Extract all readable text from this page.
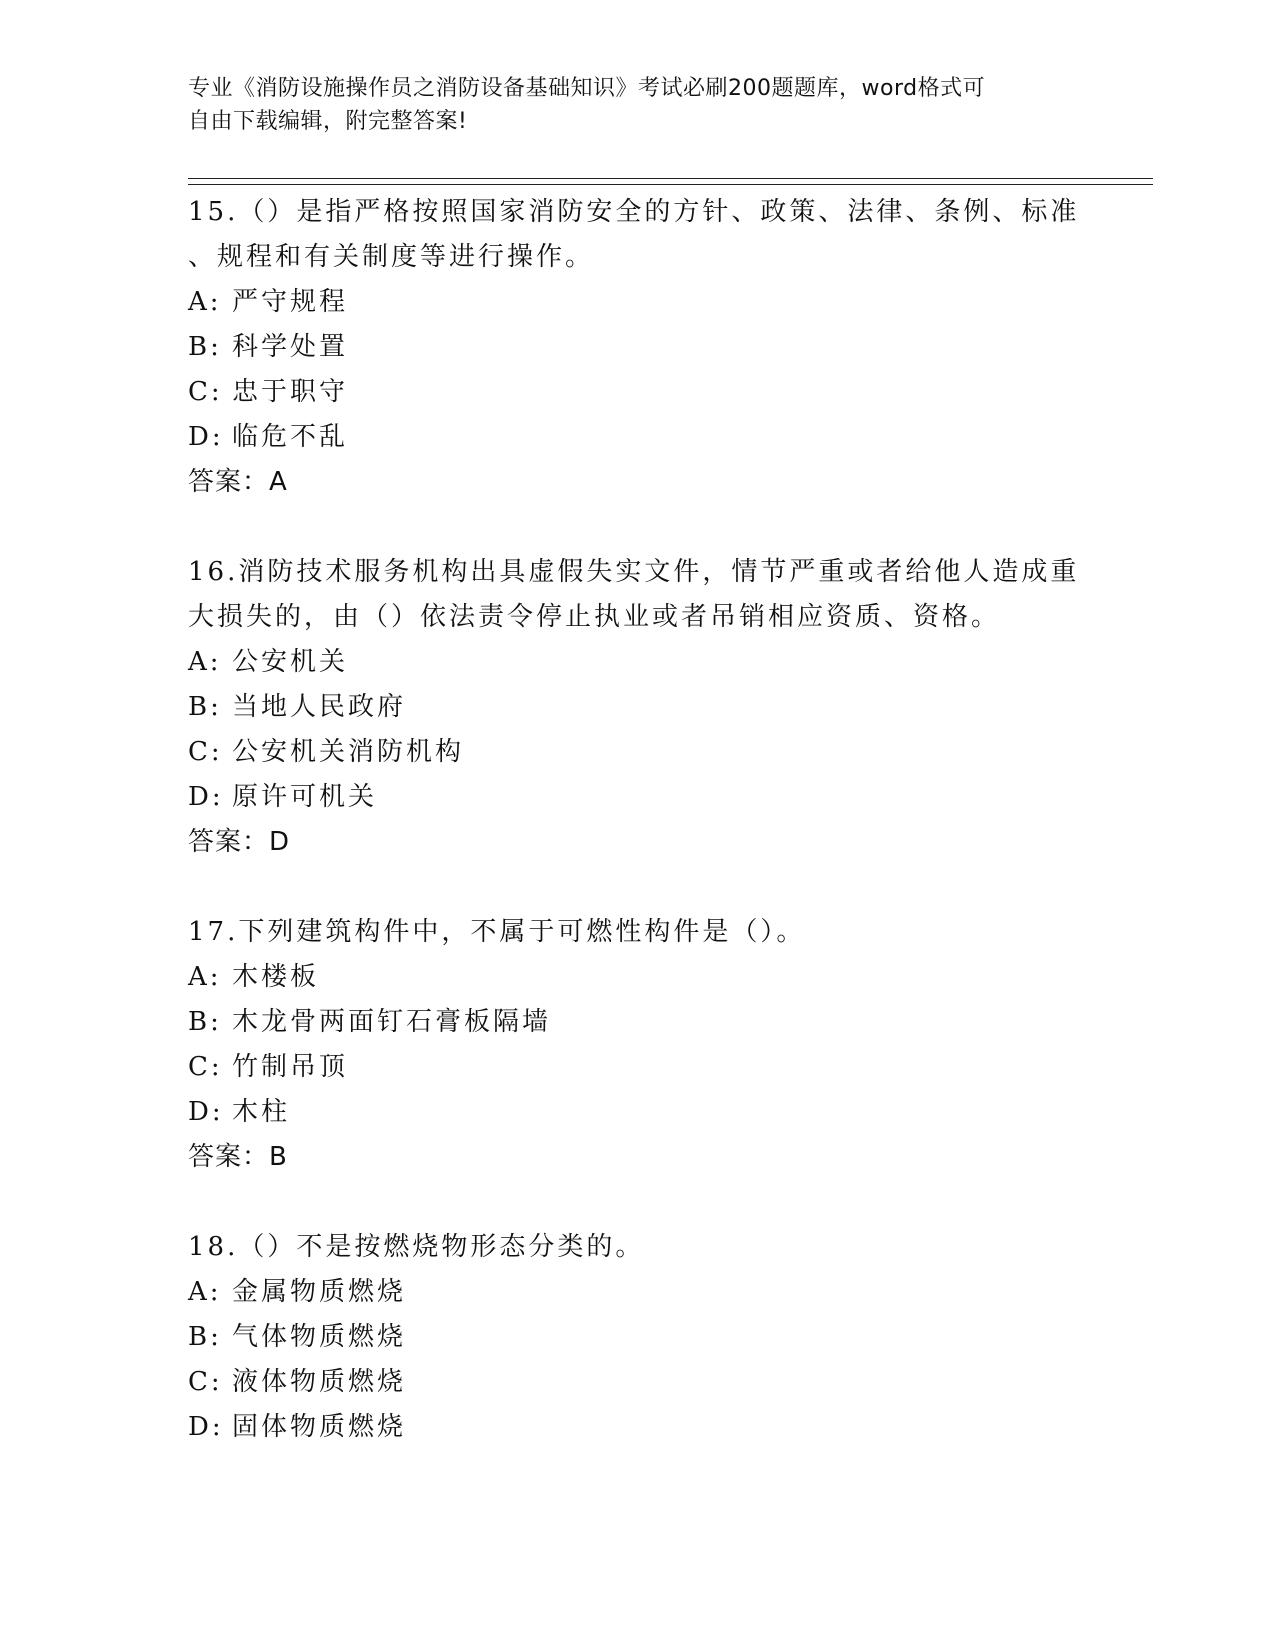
专业《消防设施操作员之消防设备基础知识》考试必刷200题题库，word格式可
自由下载编辑，附完整答案!

15.（）是指严格按照国家消防安全的方针、政策、法律、条例、标准

、规程和有关制度等进行操作。

A: 严守规程

B: 科学处置

C: 忠于职守

D: 临危不乱

答案：A

16.消防技术服务机构出具虚假失实文件，情节严重或者给他人造成重

大损失的，由（）依法责令停止执业或者吊销相应资质、资格。

A: 公安机关

B: 当地人民政府

C: 公安机关消防机构

D: 原许可机关

答案：D

17.下列建筑构件中，不属于可燃性构件是（）。

A: 木楼板

B: 木龙骨两面钉石膏板隔墙

C: 竹制吊顶

D: 木柱

答案：B

18.（）不是按燃烧物形态分类的。

A: 金属物质燃烧

B: 气体物质燃烧

C: 液体物质燃烧

D: 固体物质燃烧
